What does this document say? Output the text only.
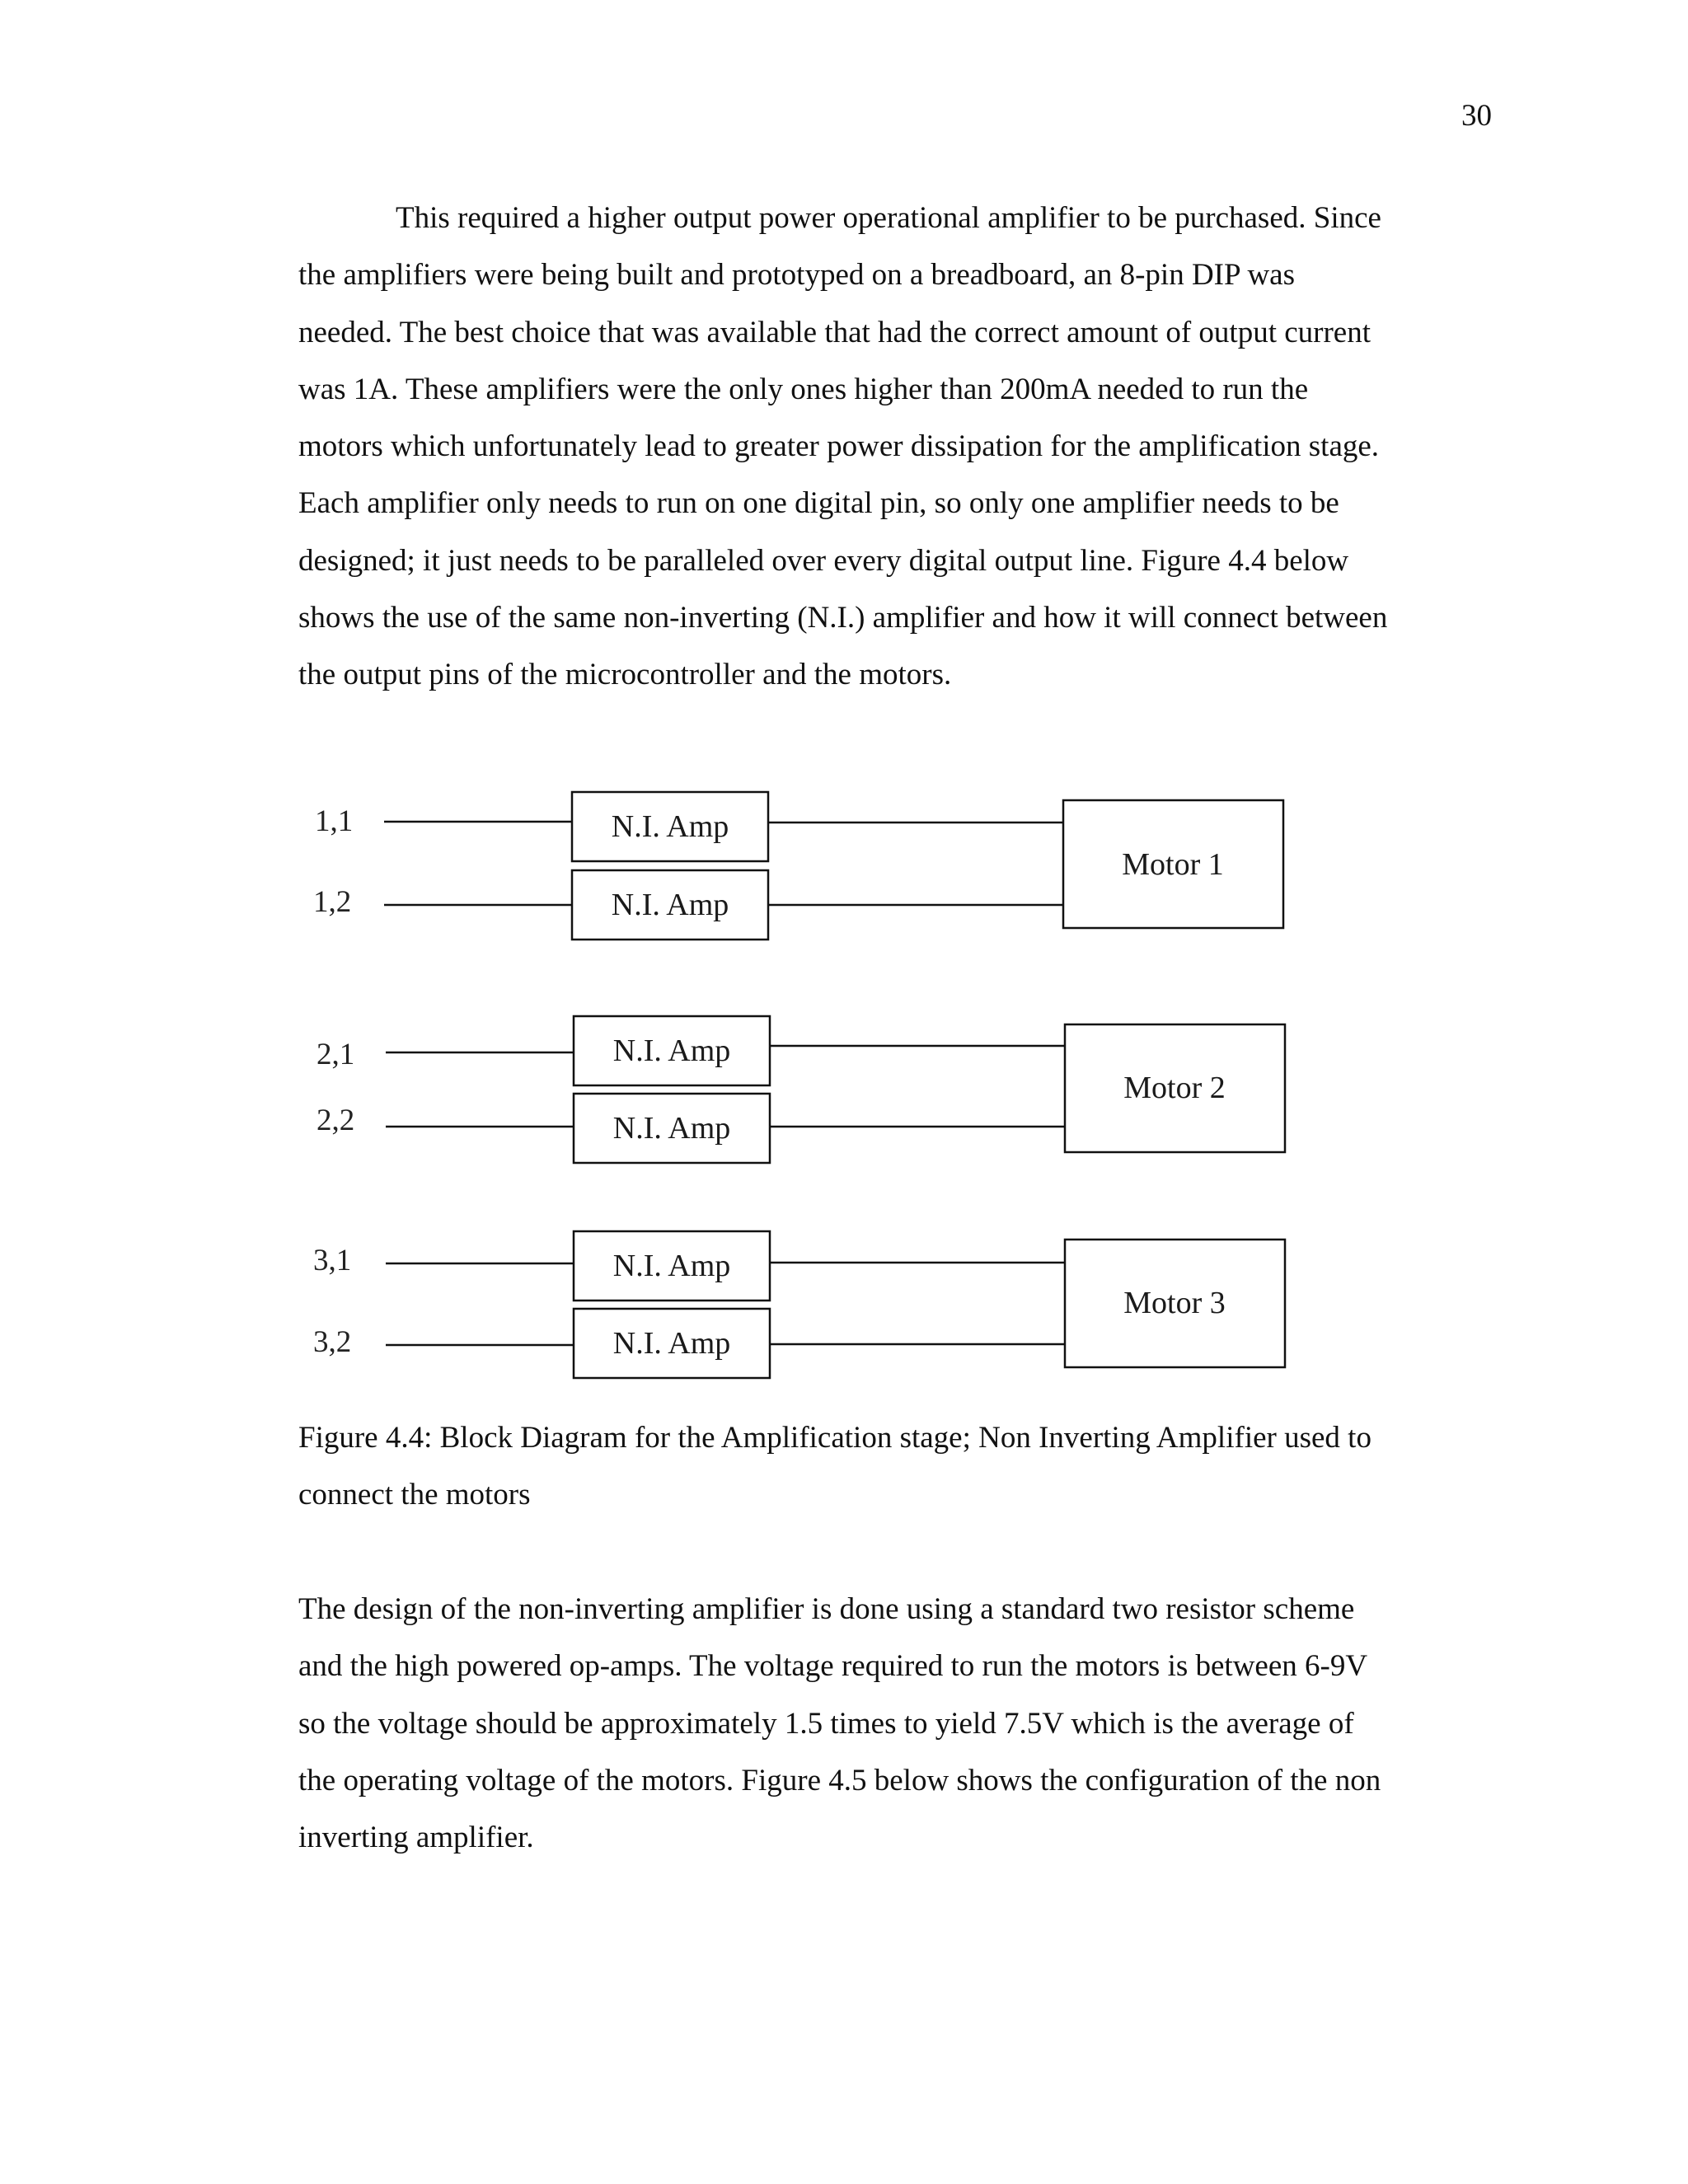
30

This required a higher output power operational amplifier to be purchased. Since
the amplifiers were being built and prototyped on a breadboard, an 8-pin DIP was
needed. The best choice that was available that had the correct amount of output current
was 1A. These amplifiers were the only ones higher than 200mA needed to run the
motors which unfortunately lead to greater power dissipation for the amplification stage.
Each amplifier only needs to run on one digital pin, so only one amplifier needs to be
designed; it just needs to be paralleled over every digital output line. Figure 4.4 below
shows the use of the same non-inverting (N.I.) amplifier and how it will connect between
the output pins of the microcontroller and the motors.

1,1
1,2
2,1
2,2
3,1
3,2
N.I. Amp
N.I. Amp
N.I. Amp
N.I. Amp
N.I. Amp
N.I. Amp
Motor 1
Motor 2
Motor 3

Figure 4.4: Block Diagram for the Amplification stage; Non Inverting Amplifier used to
connect the motors

The design of the non-inverting amplifier is done using a standard two resistor scheme
and the high powered op-amps. The voltage required to run the motors is between 6-9V
so the voltage should be approximately 1.5 times to yield 7.5V which is the average of
the operating voltage of the motors. Figure 4.5 below shows the configuration of the non
inverting amplifier.
